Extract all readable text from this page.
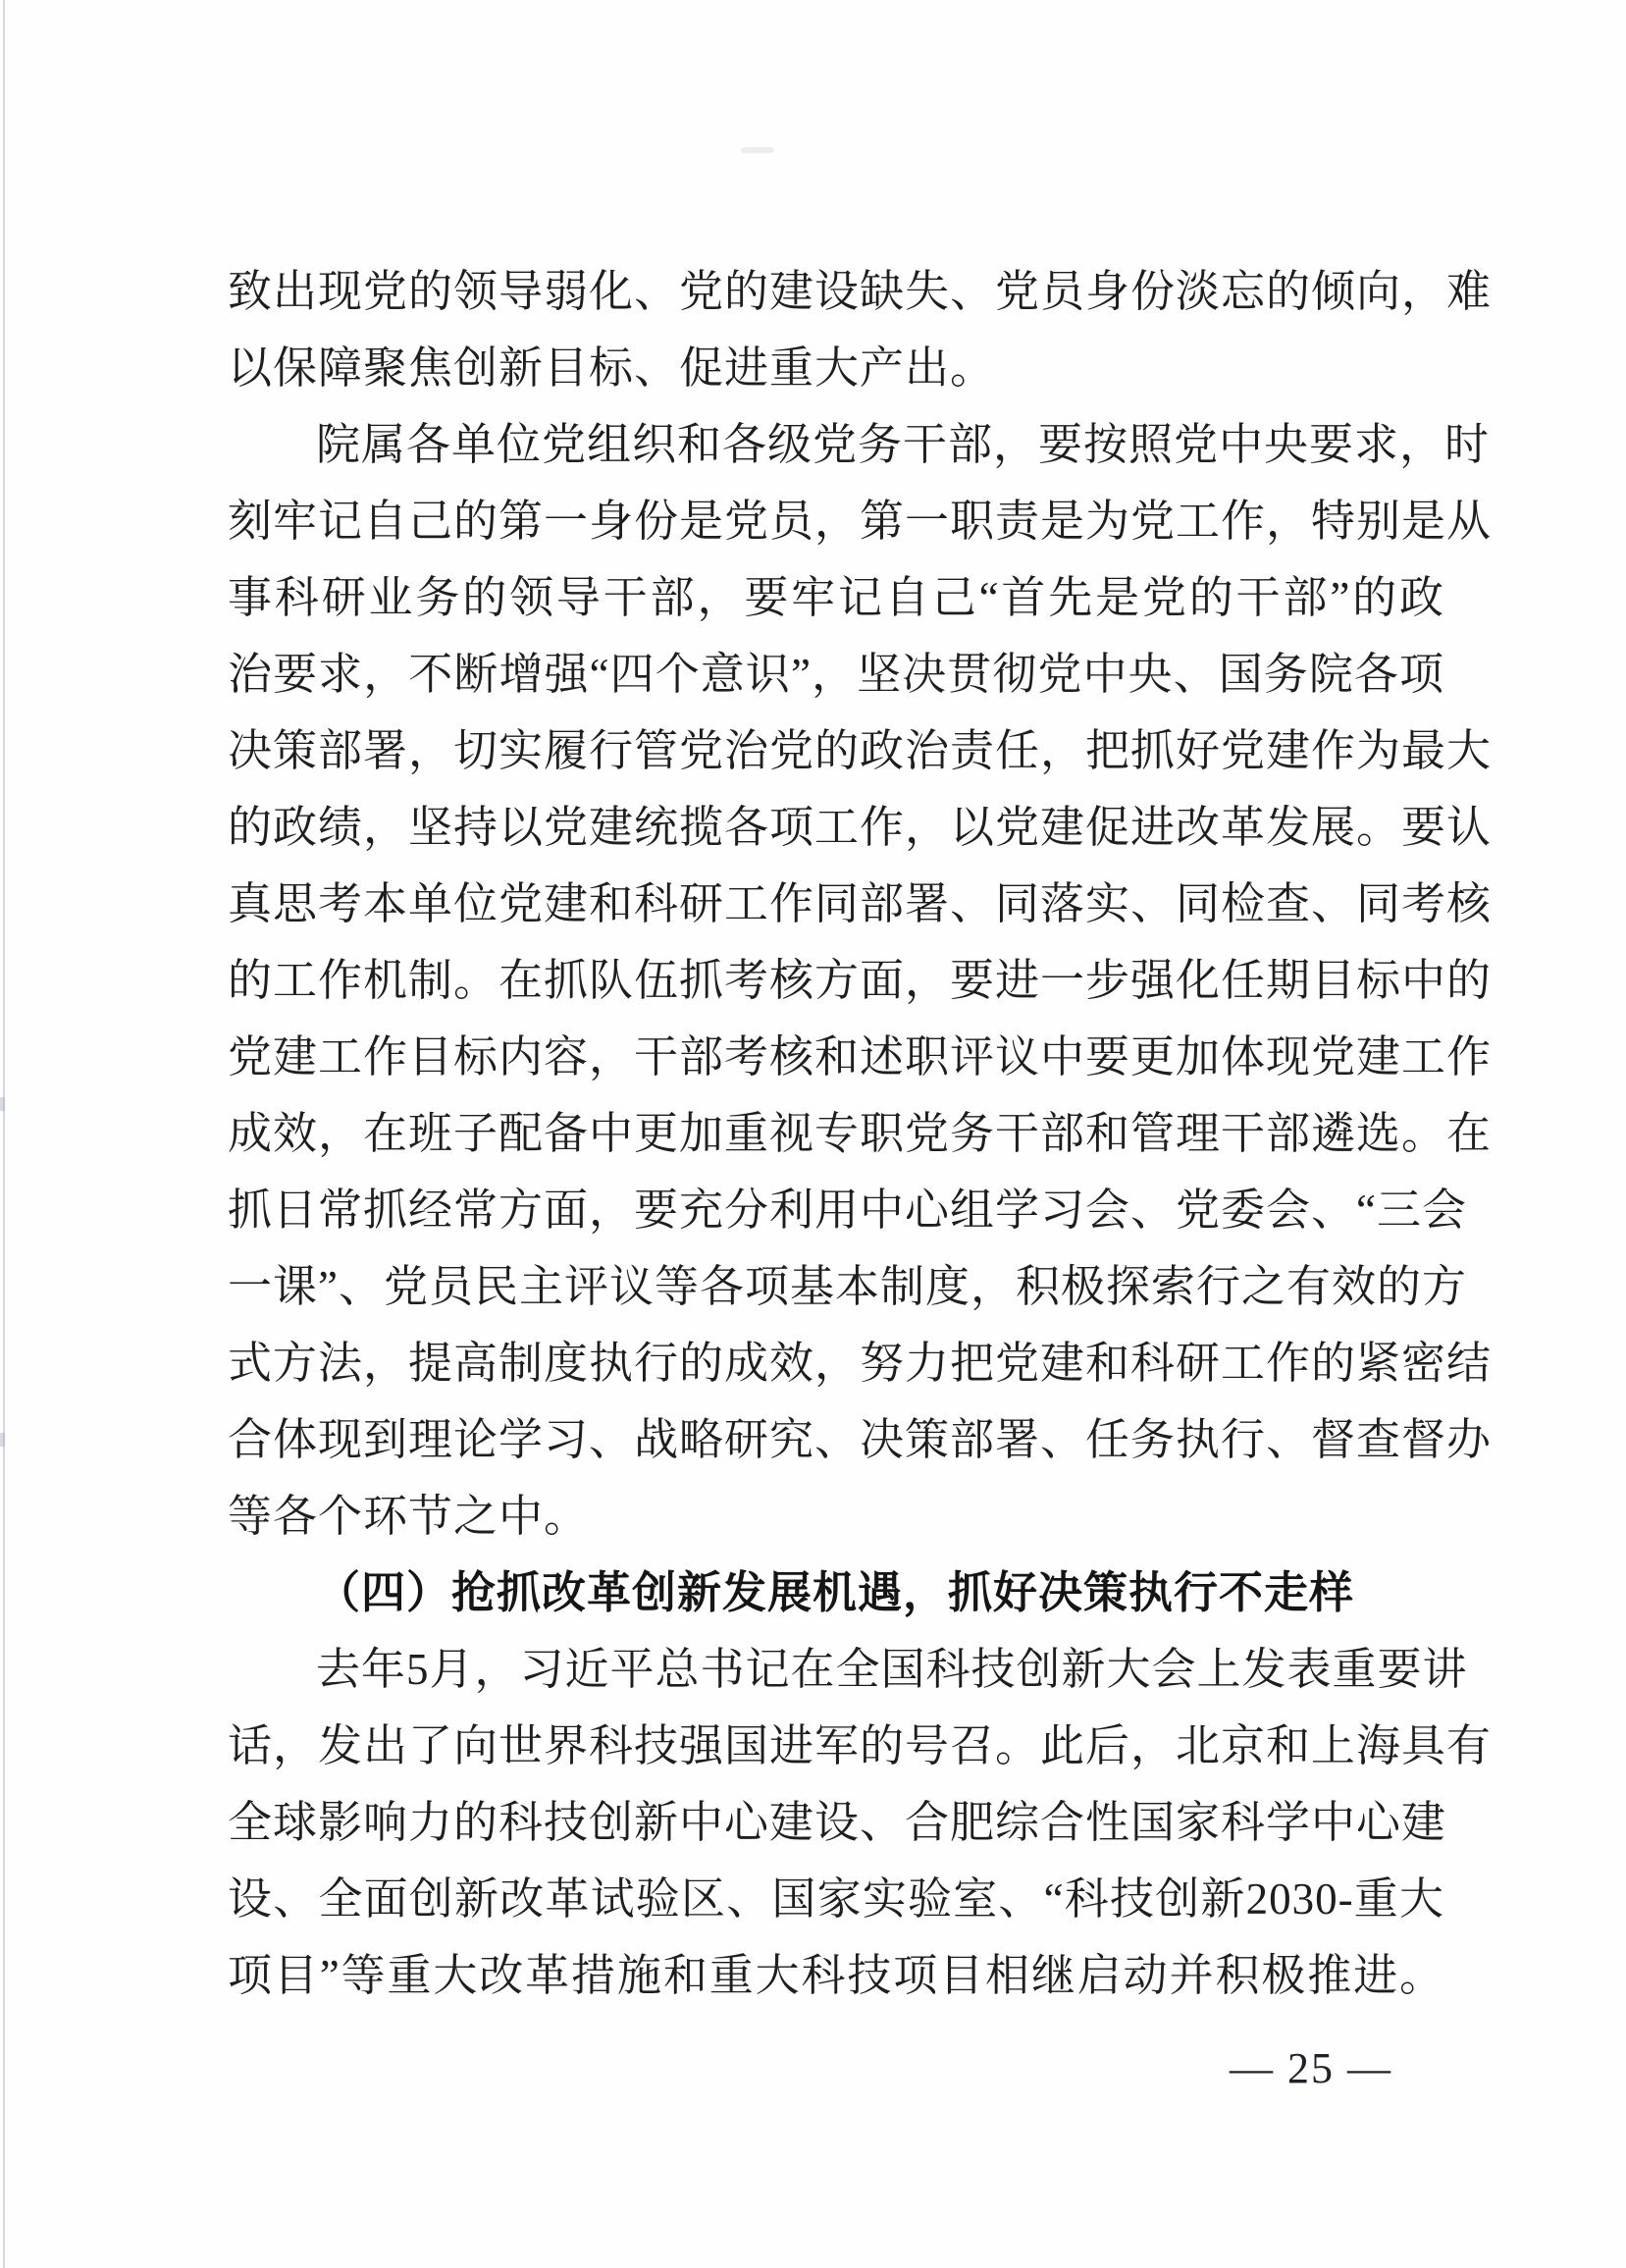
致出现党的领导弱化、党的建设缺失、党员身份淡忘的倾向，难
以保障聚焦创新目标、促进重大产出。
院属各单位党组织和各级党务干部，要按照党中央要求，时
刻牢记自己的第一身份是党员，第一职责是为党工作，特别是从
事科研业务的领导干部，要牢记自己“首先是党的干部”的政
治要求，不断增强“四个意识”，坚决贯彻党中央、国务院各项
决策部署，切实履行管党治党的政治责任，把抓好党建作为最大
的政绩，坚持以党建统揽各项工作，以党建促进改革发展。要认
真思考本单位党建和科研工作同部署、同落实、同检查、同考核
的工作机制。在抓队伍抓考核方面，要进一步强化任期目标中的
党建工作目标内容，干部考核和述职评议中要更加体现党建工作
成效，在班子配备中更加重视专职党务干部和管理干部遴选。在
抓日常抓经常方面，要充分利用中心组学习会、党委会、“三会
一课”、党员民主评议等各项基本制度，积极探索行之有效的方
式方法，提高制度执行的成效，努力把党建和科研工作的紧密结
合体现到理论学习、战略研究、决策部署、任务执行、督查督办
等各个环节之中。
（四）抢抓改革创新发展机遇，抓好决策执行不走样
去年5月，习近平总书记在全国科技创新大会上发表重要讲
话，发出了向世界科技强国进军的号召。此后，北京和上海具有
全球影响力的科技创新中心建设、合肥综合性国家科学中心建
设、全面创新改革试验区、国家实验室、“科技创新2030-重大
项目”等重大改革措施和重大科技项目相继启动并积极推进。
— 25 —
